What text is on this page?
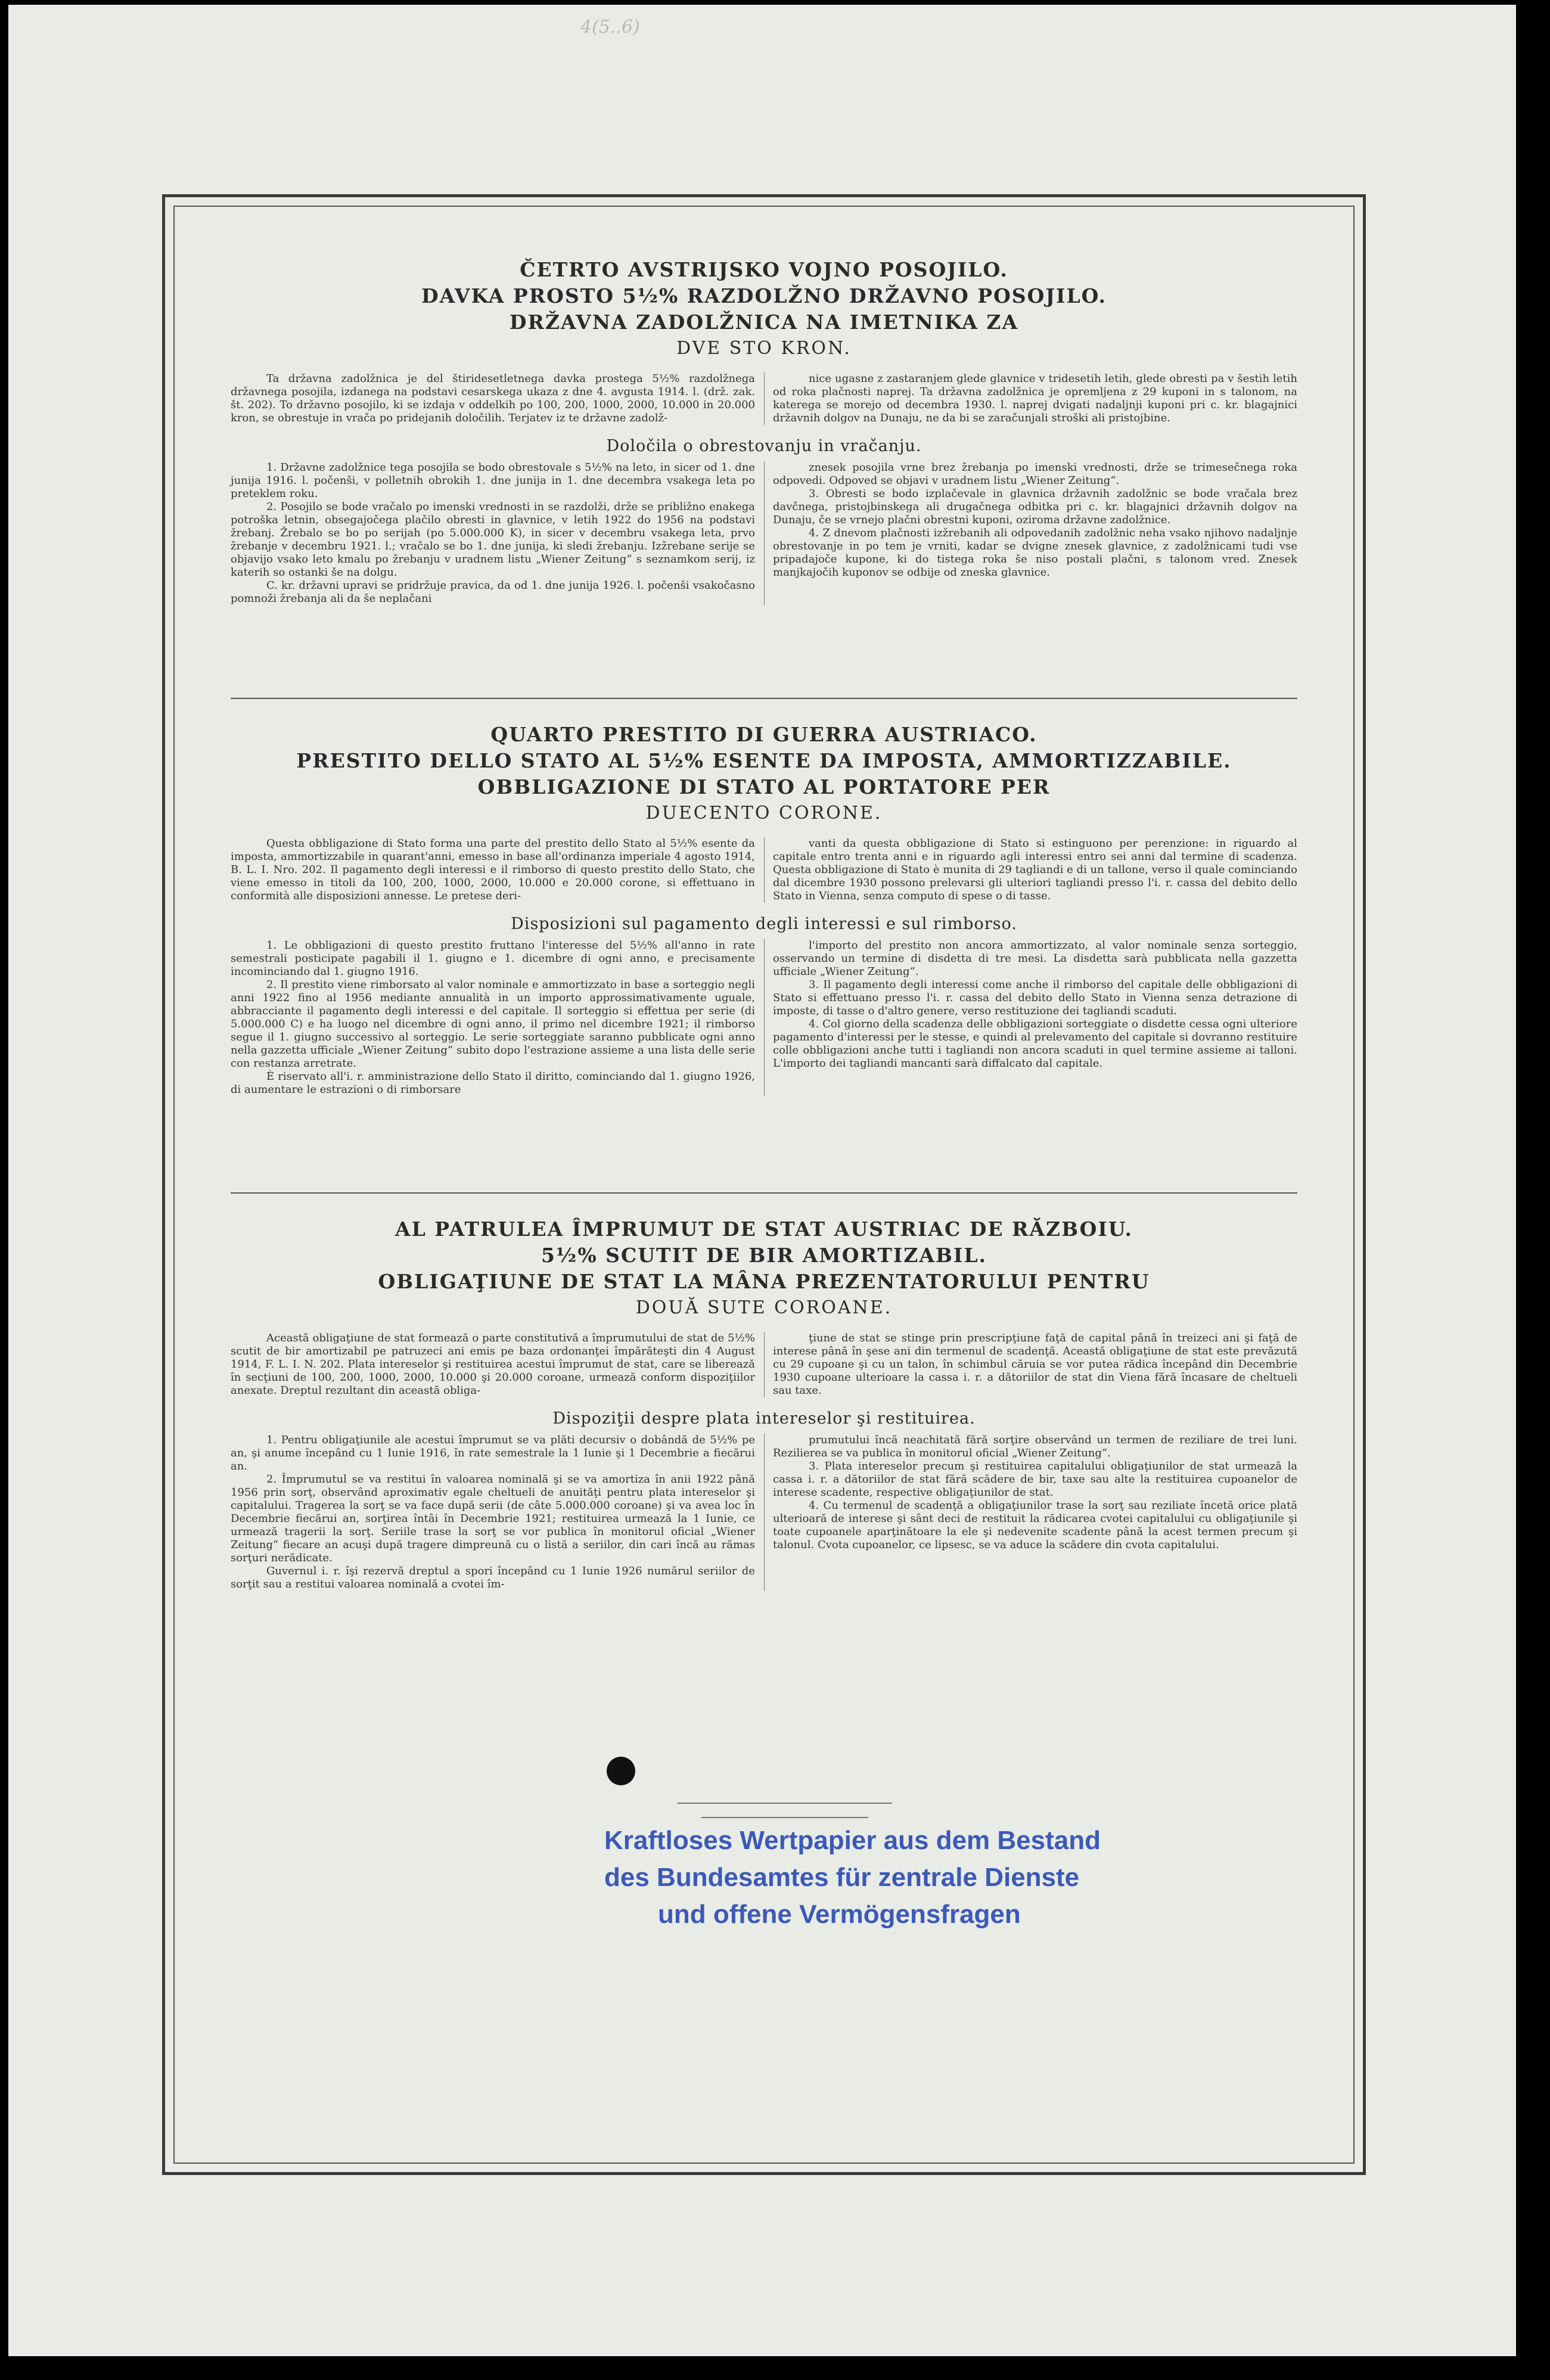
4(5..6)
ČETRTO AVSTRIJSKO VOJNO POSOJILO.
DAVKA PROSTO 5½% RAZDOLŽNO DRŽAVNO POSOJILO.
DRŽAVNA ZADOLŽNICA NA IMETNIKA ZA
DVE STO KRON.

Ta državna zadolžnica je del štiridesetletnega davka prostega 5½% razdolžnega državnega posojila, izdanega na podstavi cesarskega ukaza z dne 4. avgusta 1914. l. (drž. zak. št. 202). To državno posojilo, ki se izdaja v oddelkih po 100, 200, 1000, 2000, 10.000 in 20.000 kron, se obrestuje in vrača po pridejanih določilih. Terjatev iz te državne zadolž-

nice ugasne z zastaranjem glede glavnice v tridesetih letih, glede obresti pa v šestih letih od roka plačnosti naprej. Ta državna zadolžnica je opremljena z 29 kuponi in s talonom, na katerega se morejo od decembra 1930. l. naprej dvigati nadaljnji kuponi pri c. kr. blagajnici državnih dolgov na Dunaju, ne da bi se zaračunjali stroški ali pristojbine.

Določila o obrestovanju in vračanju.

1. Državne zadolžnice tega posojila se bodo obrestovale s 5½% na leto, in sicer od 1. dne junija 1916. l. počenši, v polletnih obrokih 1. dne junija in 1. dne decembra vsakega leta po preteklem roku.

2. Posojilo se bode vračalo po imenski vrednosti in se razdolži, drže se približno enakega potroška letnin, obsegajočega plačilo obresti in glavnice, v letih 1922 do 1956 na podstavi žrebanj. Žrebalo se bo po serijah (po 5.000.000 K), in sicer v decembru vsakega leta, prvo žrebanje v decembru 1921. l.; vračalo se bo 1. dne junija, ki sledi žrebanju. Izžrebane serije se objavijo vsako leto kmalu po žrebanju v uradnem listu „Wiener Zeitung“ s seznamkom serij, iz katerih so ostanki še na dolgu.

C. kr. državni upravi se pridržuje pravica, da od 1. dne junija 1926. l. počenši vsakočasno pomnoži žrebanja ali da še neplačani

znesek posojila vrne brez žrebanja po imenski vrednosti, drže se trimesečnega roka odpovedi. Odpoved se objavi v uradnem listu „Wiener Zeitung“.

3. Obresti se bodo izplačevale in glavnica državnih zadolžnic se bode vračala brez davčnega, pristojbinskega ali drugačnega odbitka pri c. kr. blagajnici državnih dolgov na Dunaju, če se vrnejo plačni obrestni kuponi, oziroma državne zadolžnice.

4. Z dnevom plačnosti izžrebanih ali odpovedanih zadolžnic neha vsako njihovo nadaljnje obrestovanje in po tem je vrniti, kadar se dvigne znesek glavnice, z zadolžnicami tudi vse pripadajoče kupone, ki do tistega roka še niso postali plačni, s talonom vred. Znesek manjkajočih kuponov se odbije od zneska glavnice.

QUARTO PRESTITO DI GUERRA AUSTRIACO.
PRESTITO DELLO STATO AL 5½% ESENTE DA IMPOSTA, AMMORTIZZABILE.
OBBLIGAZIONE DI STATO AL PORTATORE PER
DUECENTO CORONE.

Questa obbligazione di Stato forma una parte del prestito dello Stato al 5½% esente da imposta, ammortizzabile in quarant'anni, emesso in base all'ordinanza imperiale 4 agosto 1914, B. L. I. Nro. 202. Il pagamento degli interessi e il rimborso di questo prestito dello Stato, che viene emesso in titoli da 100, 200, 1000, 2000, 10.000 e 20.000 corone, si effettuano in conformità alle disposizioni annesse. Le pretese deri-

vanti da questa obbligazione di Stato si estinguono per perenzione: in riguardo al capitale entro trenta anni e in riguardo agli interessi entro sei anni dal termine di scadenza. Questa obbligazione di Stato è munita di 29 tagliandi e di un tallone, verso il quale cominciando dal dicembre 1930 possono prelevarsi gli ulteriori tagliandi presso l'i. r. cassa del debito dello Stato in Vienna, senza computo di spese o di tasse.

Disposizioni sul pagamento degli interessi e sul rimborso.

1. Le obbligazioni di questo prestito fruttano l'interesse del 5½% all'anno in rate semestrali posticipate pagabili il 1. giugno e 1. dicembre di ogni anno, e precisamente incominciando dal 1. giugno 1916.

2. Il prestito viene rimborsato al valor nominale e ammortizzato in base a sorteggio negli anni 1922 fino al 1956 mediante annualità in un importo approssimativamente uguale, abbracciante il pagamento degli interessi e del capitale. Il sorteggio si effettua per serie (di 5.000.000 C) e ha luogo nel dicembre di ogni anno, il primo nel dicembre 1921; il rimborso segue il 1. giugno successivo al sorteggio. Le serie sorteggiate saranno pubblicate ogni anno nella gazzetta ufficiale „Wiener Zeitung“ subito dopo l'estrazione assieme a una lista delle serie con restanza arretrate.

È riservato all'i. r. amministrazione dello Stato il diritto, cominciando dal 1. giugno 1926, di aumentare le estrazioni o di rimborsare

l'importo del prestito non ancora ammortizzato, al valor nominale senza sorteggio, osservando un termine di disdetta di tre mesi. La disdetta sarà pubblicata nella gazzetta ufficiale „Wiener Zeitung“.

3. Il pagamento degli interessi come anche il rimborso del capitale delle obbligazioni di Stato si effettuano presso l'i. r. cassa del debito dello Stato in Vienna senza detrazione di imposte, di tasse o d'altro genere, verso restituzione dei tagliandi scaduti.

4. Col giorno della scadenza delle obbligazioni sorteggiate o disdette cessa ogni ulteriore pagamento d'interessi per le stesse, e quindi al prelevamento del capitale si dovranno restituire colle obbligazioni anche tutti i tagliandi non ancora scaduti in quel termine assieme ai talloni. L'importo dei tagliandi mancanti sarà diffalcato dal capitale.

AL PATRULEA ÎMPRUMUT DE STAT AUSTRIAC DE RĂZBOIU.
5½% SCUTIT DE BIR AMORTIZABIL.
OBLIGAŢIUNE DE STAT LA MÂNA PREZENTATORULUI PENTRU
DOUĂ SUTE COROANE.

Această obligaţiune de stat formează o parte constitutivă a împrumutului de stat de 5½% scutit de bir amortizabil pe patruzeci ani emis pe baza ordonanţei împărăteşti din 4 August 1914, F. L. I. N. 202. Plata intereselor şi restituirea acestui împrumut de stat, care se liberează în secţiuni de 100, 200, 1000, 2000, 10.000 şi 20.000 coroane, urmează conform dispoziţiilor anexate. Dreptul rezultant din această obliga-

ţiune de stat se stinge prin prescripţiune faţă de capital până în treizeci ani şi faţă de interese până în şese ani din termenul de scadenţă. Această obligaţiune de stat este prevăzută cu 29 cupoane şi cu un talon, în schimbul căruia se vor putea rădica începând din Decembrie 1930 cupoane ulterioare la cassa i. r. a dătoriilor de stat din Viena fără încasare de cheltueli sau taxe.

Dispoziţii despre plata intereselor şi restituirea.

1. Pentru obligaţiunile ale acestui împrumut se va plăti decursiv o dobândă de 5½% pe an, şi anume începând cu 1 Iunie 1916, în rate semestrale la 1 Iunie şi 1 Decembrie a fiecărui an.

2. Împrumutul se va restitui în valoarea nominală şi se va amortiza în anii 1922 până 1956 prin sorţ, observând aproximativ egale cheltueli de anuităţi pentru plata intereselor şi capitalului. Tragerea la sorţ se va face după serii (de câte 5.000.000 coroane) şi va avea loc în Decembrie fiecărui an, sorţirea întâi în Decembrie 1921; restituirea urmează la 1 Iunie, ce urmează tragerii la sorţ. Seriile trase la sorţ se vor publica în monitorul oficial „Wiener Zeitung“ fiecare an acuşi după tragere dimpreună cu o listă a seriilor, din cari încă au rămas sorţuri nerădicate.

Guvernul i. r. îşi rezervă dreptul a spori începând cu 1 Iunie 1926 numărul seriilor de sorţit sau a restitui valoarea nominală a cvotei îm-

prumutului încă neachitată fără sorţire observând un termen de reziliare de trei luni. Rezilierea se va publica în monitorul oficial „Wiener Zeitung“.

3. Plata intereselor precum şi restituirea capitalului obligaţiunilor de stat urmează la cassa i. r. a dătoriilor de stat fără scădere de bir, taxe sau alte la restituirea cupoanelor de interese scadente, respective obligaţiunilor de stat.

4. Cu termenul de scadenţă a obligaţiunilor trase la sorţ sau reziliate încetă orice plată ulterioară de interese şi sânt deci de restituit la rădicarea cvotei capitalului cu obligaţiunile şi toate cupoanele aparţinătoare la ele şi nedevenite scadente până la acest termen precum şi talonul. Cvota cupoanelor, ce lipsesc, se va aduce la scădere din cvota capitalului.

Kraftloses Wertpapier aus dem Bestand
des Bundesamtes für zentrale Dienste
und offene Vermögensfragen
